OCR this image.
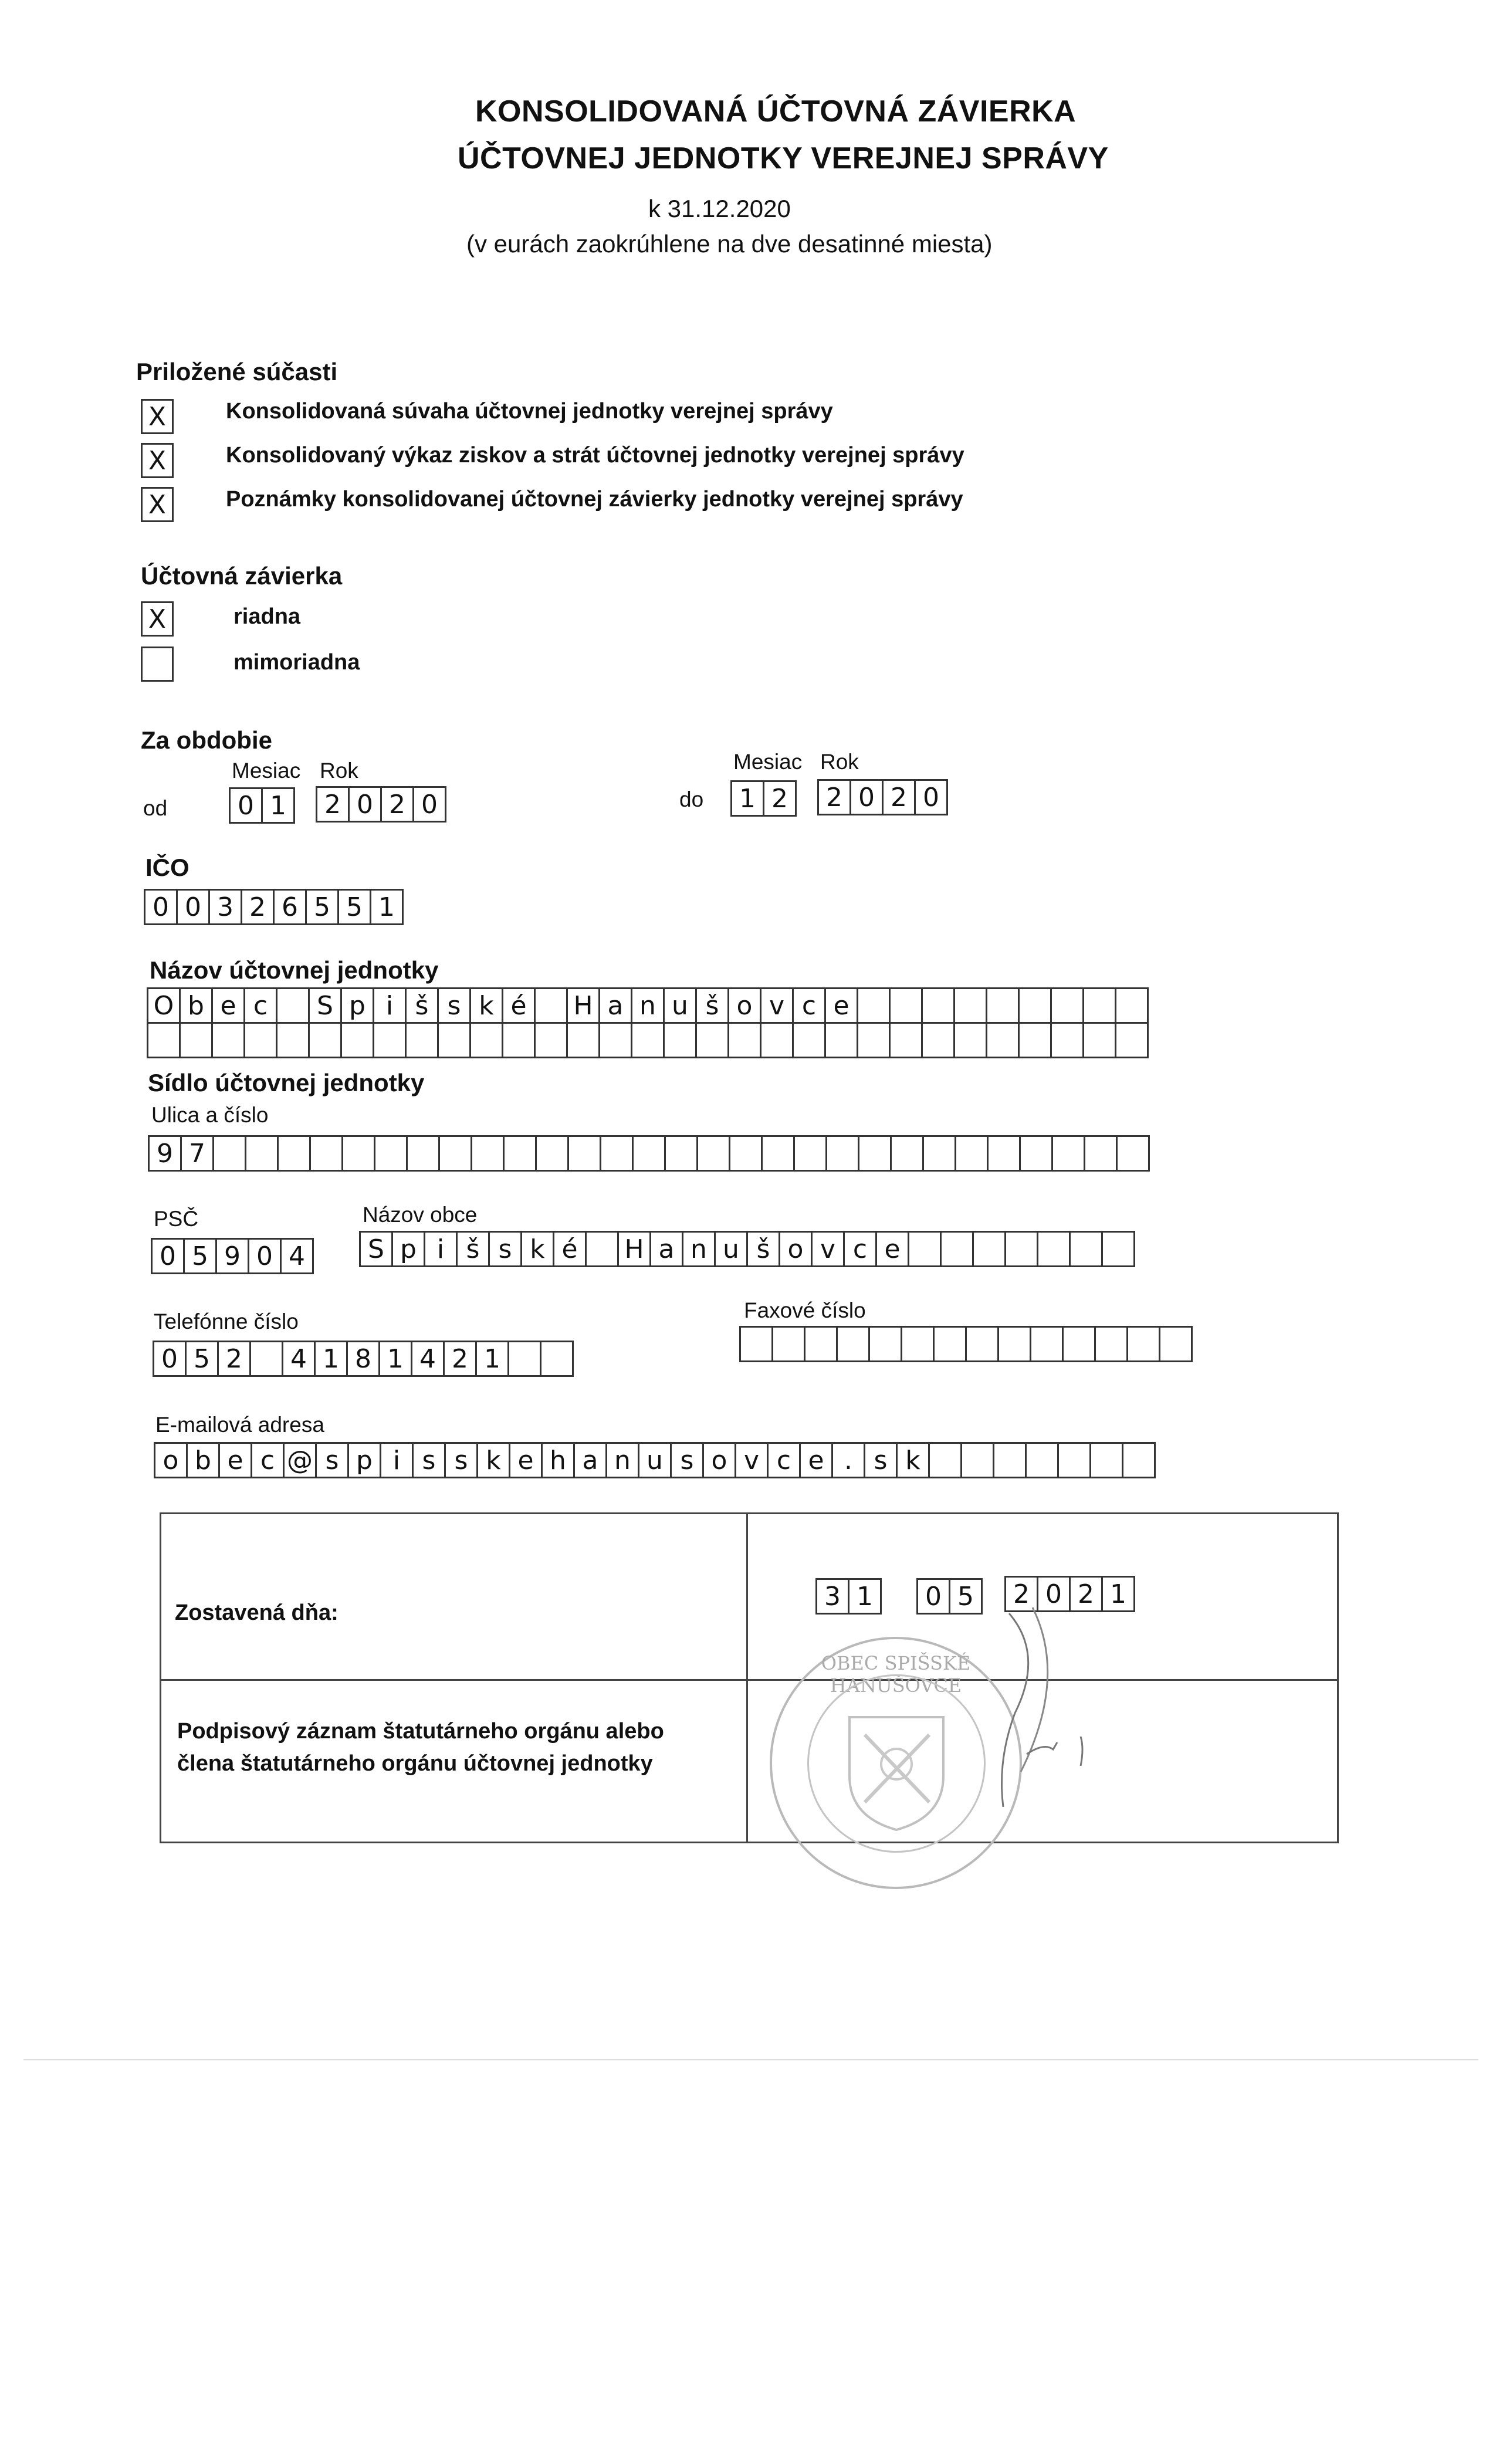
KONSOLIDOVANÁ ÚČTOVNÁ ZÁVIERKA
ÚČTOVNEJ JEDNOTKY VEREJNEJ SPRÁVY
k 31.12.2020
(v eurách zaokrúhlene na dve desatinné miesta)
Priložené súčasti
X	Konsolidovaná súvaha účtovnej jednotky verejnej správy
X	Konsolidovaný výkaz ziskov a strát účtovnej jednotky verejnej správy
X	Poznámky konsolidovanej účtovnej závierky jednotky verejnej správy
Účtovná závierka
X	riadna
mimoriadna
Za obdobie
Mesiac Rok
od	0 1	2 0 2 0
Mesiac Rok
do	1 2	2 0 2 0
IČO
0 0 3 2 6 5 5 1
Názov účtovnej jednotky
O b e c	S p i š s k é	H a n u š o v c e
Sídlo účtovnej jednotky
Ulica a číslo
9 7
PSČ	Názov obce
0 5 9 0 4	S p i š s k é	H a n u š o v c e
Telefónne číslo
0 5 2	4 1 8 1 4 2 1
Faxové číslo
E-mailová adresa
o b e c @ s p i s s k e h a n u s o v c e . s k
Zostavená dňa:
3 1	0 5	2 0 2 1
Podpisový záznam štatutárneho orgánu alebo
člena štatutárneho orgánu účtovnej jednotky
OBEC SPIŠSKÉ HANUŠOVCE
